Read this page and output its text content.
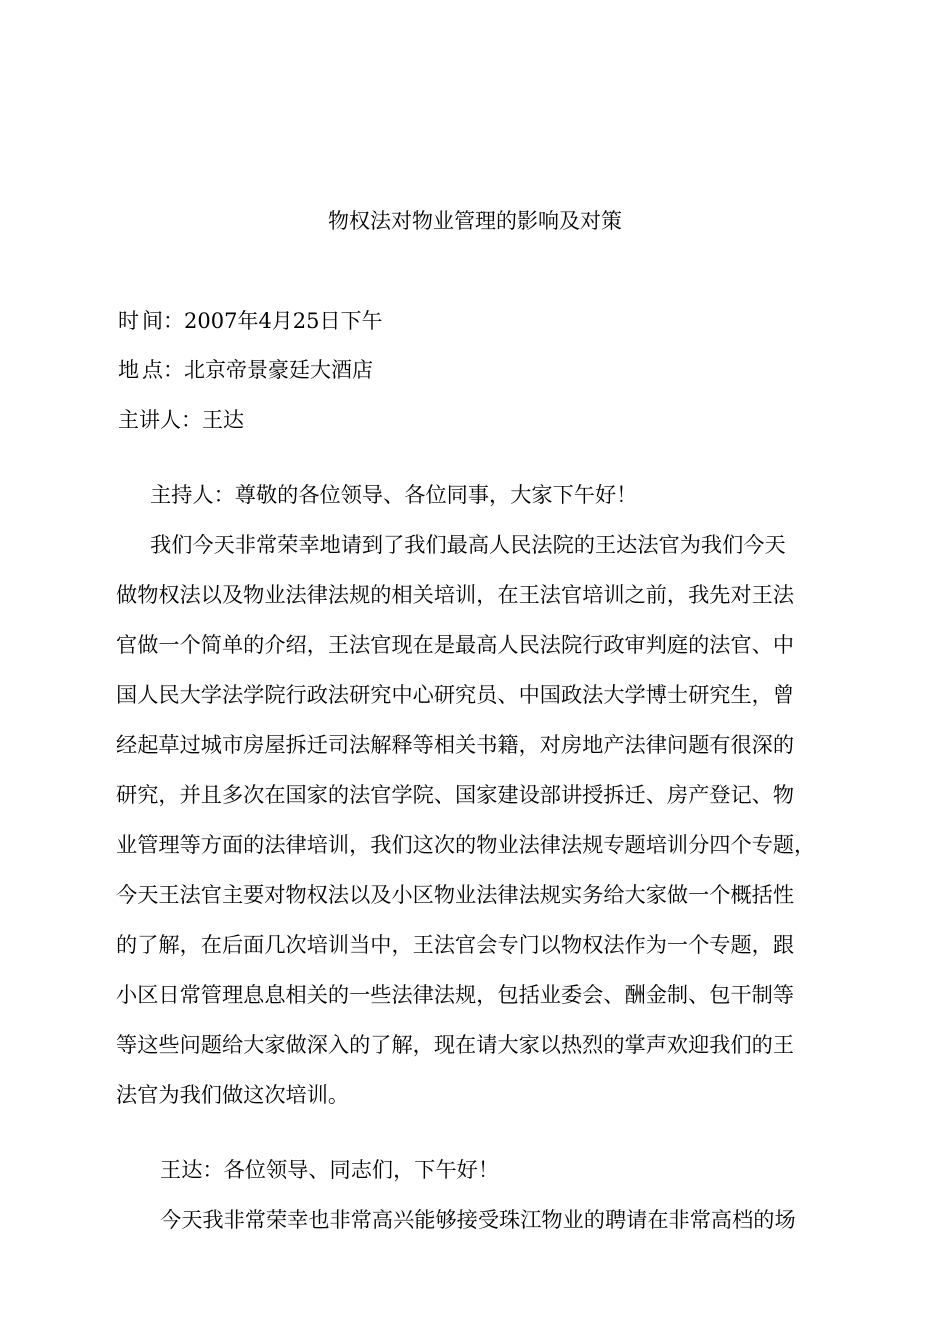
物权法对物业管理的影响及对策
时 间： 2007年4月25日下午
地 点： 北京帝景豪廷大酒店
主讲人：王达
主持人：尊敬的各位领导、各位同事，大家下午好！
我们今天非常荣幸地请到了我们最高人民法院的王达法官为我们今天
做物权法以及物业法律法规的相关培训，在王法官培训之前，我先对王法
官做一个简单的介绍，王法官现在是最高人民法院行政审判庭的法官、中
国人民大学法学院行政法研究中心研究员、中国政法大学博士研究生，曾
经起草过城市房屋拆迁司法解释等相关书籍，对房地产法律问题有很深的
研究，并且多次在国家的法官学院、国家建设部讲授拆迁、房产登记、物
业管理等方面的法律培训，我们这次的物业法律法规专题培训分四个专题，
今天王法官主要对物权法以及小区物业法律法规实务给大家做一个概括性
的了解，在后面几次培训当中，王法官会专门以物权法作为一个专题，跟
小区日常管理息息相关的一些法律法规，包括业委会、酬金制、包干制等
等这些问题给大家做深入的了解，现在请大家以热烈的掌声欢迎我们的王
法官为我们做这次培训。
王达：各位领导、同志们，下午好！
今天我非常荣幸也非常高兴能够接受珠江物业的聘请在非常高档的场
